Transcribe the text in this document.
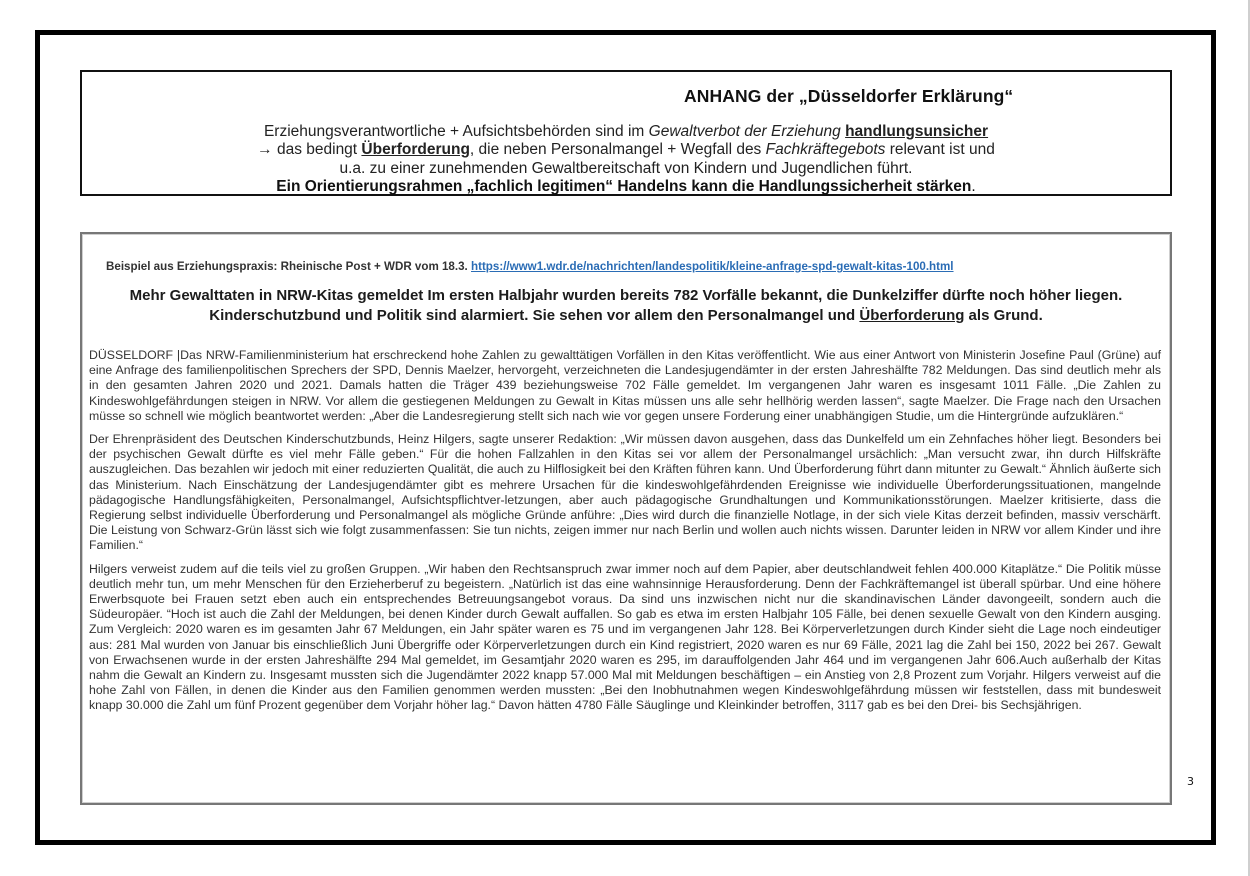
ANHANG der „Düsseldorfer Erklärung“
Erziehungsverantwortliche + Aufsichtsbehörden sind im Gewaltverbot der Erziehung handlungsunsicher
→ das bedingt Überforderung, die neben Personalmangel + Wegfall des Fachkräftegebots relevant ist und
u.a. zu einer zunehmenden Gewaltbereitschaft von Kindern und Jugendlichen führt.
Ein Orientierungsrahmen „fachlich legitimen“ Handelns kann die Handlungssicherheit stärken.
Beispiel aus Erziehungspraxis: Rheinische Post + WDR vom 18.3. https://www1.wdr.de/nachrichten/landespolitik/kleine-anfrage-spd-gewalt-kitas-100.html
Mehr Gewalttaten in NRW-Kitas gemeldet Im ersten Halbjahr wurden bereits 782 Vorfälle bekannt, die Dunkelziffer dürfte noch höher liegen. Kinderschutzbund und Politik sind alarmiert. Sie sehen vor allem den Personalmangel und Überforderung als Grund.

DÜSSELDORF |Das NRW-Familienministerium hat erschreckend hohe Zahlen zu gewalttätigen Vorfällen in den Kitas veröffentlicht. Wie aus einer Antwort von Ministerin Josefine Paul (Grüne) auf eine Anfrage des familienpolitischen Sprechers der SPD, Dennis Maelzer, hervorgeht, verzeichneten die Landesjugendämter in der ersten Jahreshälfte 782 Meldungen. Das sind deutlich mehr als in den gesamten Jahren 2020 und 2021. Damals hatten die Träger 439 beziehungsweise 702 Fälle gemeldet. Im vergangenen Jahr waren es insgesamt 1011 Fälle. „Die Zahlen zu Kindeswohlgefährdungen steigen in NRW. Vor allem die gestiegenen Meldungen zu Gewalt in Kitas müssen uns alle sehr hellhörig werden lassen“, sagte Maelzer. Die Frage nach den Ursachen müsse so schnell wie möglich beantwortet werden: „Aber die Landesregierung stellt sich nach wie vor gegen unsere Forderung einer unabhängigen Studie, um die Hintergründe aufzuklären.“

Der Ehrenpräsident des Deutschen Kinderschutzbunds, Heinz Hilgers, sagte unserer Redaktion: „Wir müssen davon ausgehen, dass das Dunkelfeld um ein Zehnfaches höher liegt. Besonders bei der psychischen Gewalt dürfte es viel mehr Fälle geben.“ Für die hohen Fallzahlen in den Kitas sei vor allem der Personalmangel ursächlich: „Man versucht zwar, ihn durch Hilfskräfte auszugleichen. Das bezahlen wir jedoch mit einer reduzierten Qualität, die auch zu Hilflosigkeit bei den Kräften führen kann. Und Überforderung führt dann mitunter zu Gewalt.“ Ähnlich äußerte sich das Ministerium. Nach Einschätzung der Landesjugendämter gibt es mehrere Ursachen für die kindeswohlgefährdenden Ereignisse wie individuelle Überforderungssituationen, mangelnde pädagogische Handlungsfähigkeiten, Personalmangel, Aufsichtspflichtver-letzungen, aber auch pädagogische Grundhaltungen und Kommunikationsstörungen. Maelzer kritisierte, dass die Regierung selbst individuelle Überforderung und Personalmangel als mögliche Gründe anführe: „Dies wird durch die finanzielle Notlage, in der sich viele Kitas derzeit befinden, massiv verschärft. Die Leistung von Schwarz-Grün lässt sich wie folgt zusammenfassen: Sie tun nichts, zeigen immer nur nach Berlin und wollen auch nichts wissen. Darunter leiden in NRW vor allem Kinder und ihre Familien.“

Hilgers verweist zudem auf die teils viel zu großen Gruppen. „Wir haben den Rechtsanspruch zwar immer noch auf dem Papier, aber deutschlandweit fehlen 400.000 Kitaplätze.“ Die Politik müsse deutlich mehr tun, um mehr Menschen für den Erzieherberuf zu begeistern. „Natürlich ist das eine wahnsinnige Herausforderung. Denn der Fachkräftemangel ist überall spürbar. Und eine höhere Erwerbsquote bei Frauen setzt eben auch ein entsprechendes Betreuungsangebot voraus. Da sind uns inzwischen nicht nur die skandinavischen Länder davongeeilt, sondern auch die Südeuropäer. “Hoch ist auch die Zahl der Meldungen, bei denen Kinder durch Gewalt auffallen. So gab es etwa im ersten Halbjahr 105 Fälle, bei denen sexuelle Gewalt von den Kindern ausging. Zum Vergleich: 2020 waren es im gesamten Jahr 67 Meldungen, ein Jahr später waren es 75 und im vergangenen Jahr 128. Bei Körperverletzungen durch Kinder sieht die Lage noch eindeutiger aus: 281 Mal wurden von Januar bis einschließlich Juni Übergriffe oder Körperverletzungen durch ein Kind registriert, 2020 waren es nur 69 Fälle, 2021 lag die Zahl bei 150, 2022 bei 267. Gewalt von Erwachsenen wurde in der ersten Jahreshälfte 294 Mal gemeldet, im Gesamtjahr 2020 waren es 295, im darauffolgenden Jahr 464 und im vergangenen Jahr 606.Auch außerhalb der Kitas nahm die Gewalt an Kindern zu. Insgesamt mussten sich die Jugendämter 2022 knapp 57.000 Mal mit Meldungen beschäftigen – ein Anstieg von 2,8 Prozent zum Vorjahr. Hilgers verweist auf die hohe Zahl von Fällen, in denen die Kinder aus den Familien genommen werden mussten: „Bei den Inobhutnahmen wegen Kindeswohlgefährdung müssen wir feststellen, dass mit bundesweit knapp 30.000 die Zahl um fünf Prozent gegenüber dem Vorjahr höher lag.“ Davon hätten 4780 Fälle Säuglinge und Kleinkinder betroffen, 3117 gab es bei den Drei- bis Sechsjährigen.

3
